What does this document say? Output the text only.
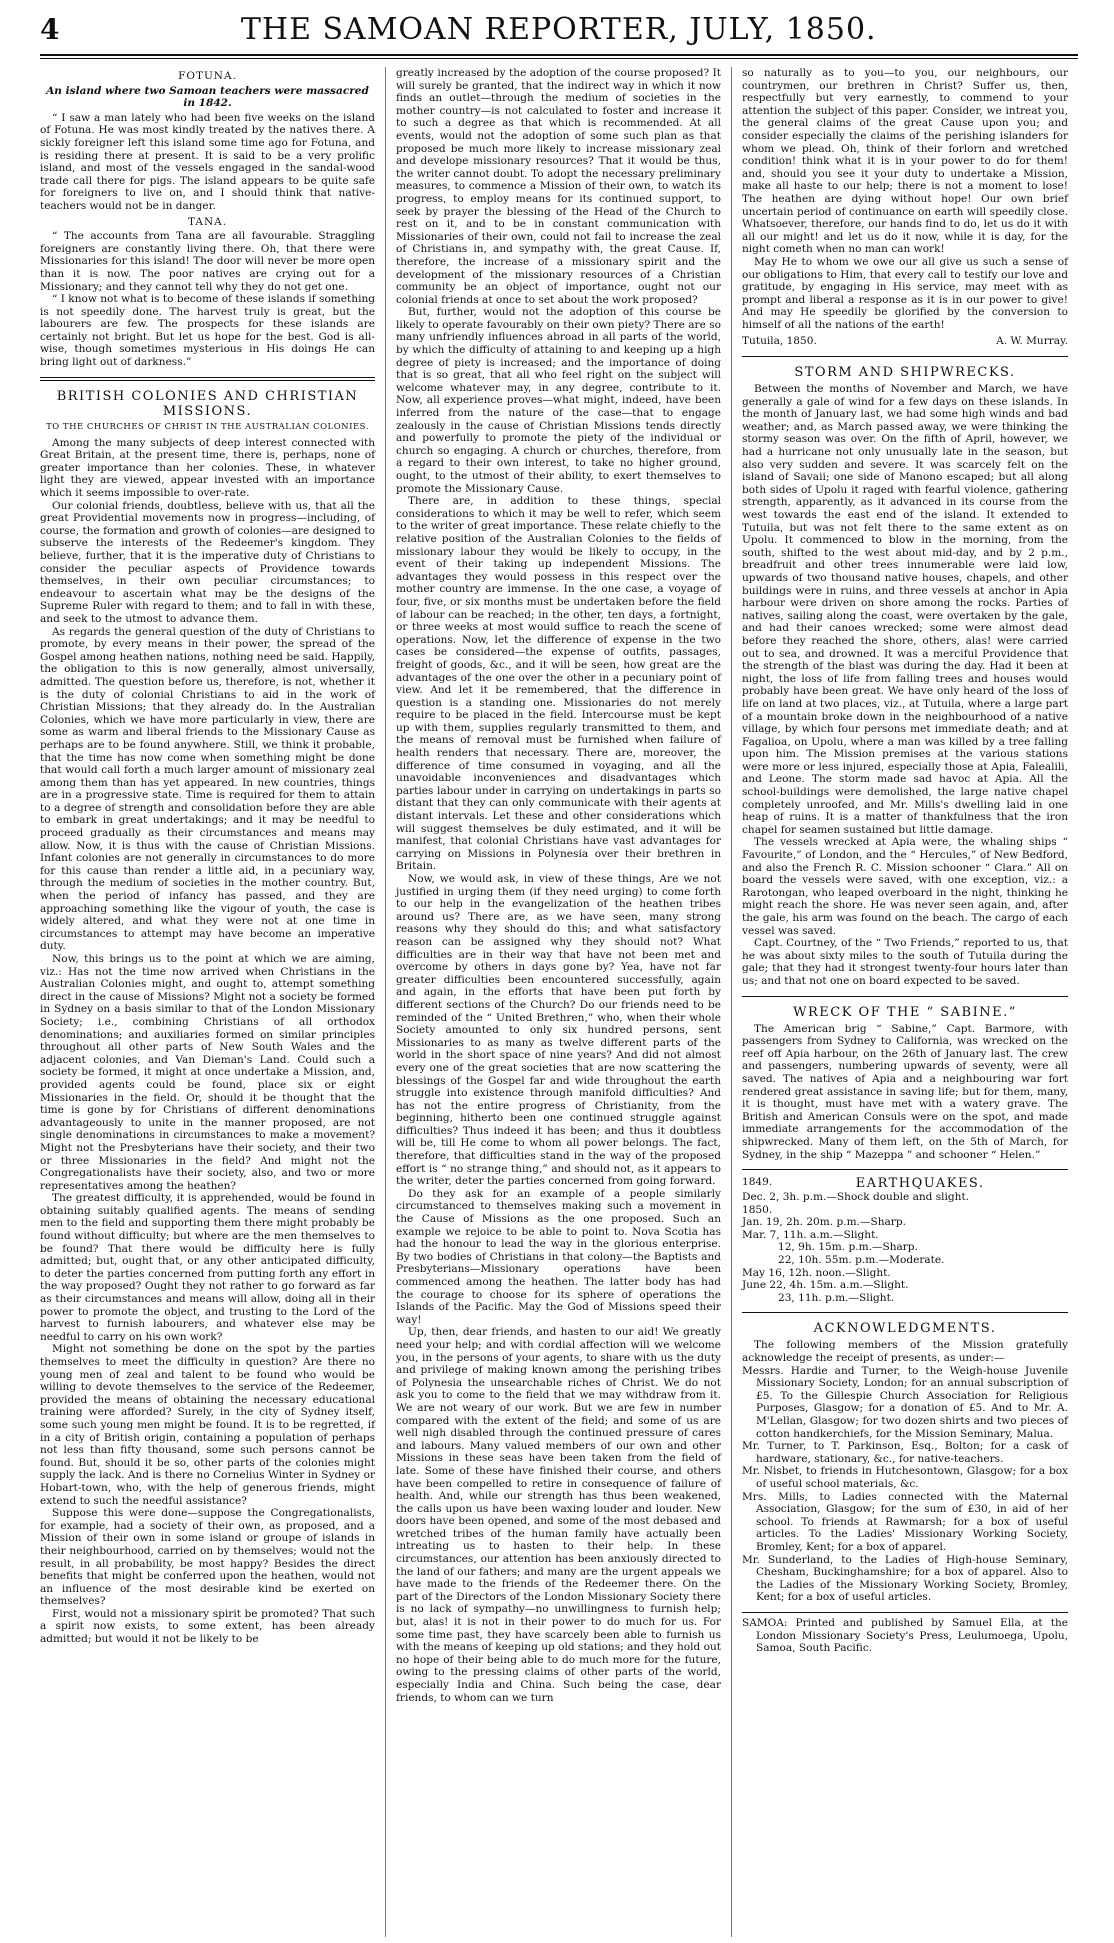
4	THE SAMOAN REPORTER, JULY, 1850.
FOTUNA.
An island where two Samoan teachers were massacred in 1842.

“ I saw a man lately who had been five weeks on the island of Fotuna. He was most kindly treated by the natives there. A sickly foreigner left this island some time ago for Fotuna, and is residing there at present. It is said to be a very prolific island, and most of the vessels engaged in the sandal-wood trade call there for pigs. The island appears to be quite safe for foreigners to live on, and I should think that native-teachers would not be in danger.

TANA.

“ The accounts from Tana are all favourable. Straggling foreigners are constantly living there. Oh, that there were Missionaries for this island! The door will never be more open than it is now. The poor natives are crying out for a Missionary; and they cannot tell why they do not get one.

“ I know not what is to become of these islands if something is not speedily done. The harvest truly is great, but the labourers are few. The prospects for these islands are certainly not bright. But let us hope for the best. God is all-wise, though sometimes mysterious in His doings He can bring light out of darkness.”

BRITISH COLONIES AND CHRISTIAN MISSIONS.
TO THE CHURCHES OF CHRIST IN THE AUSTRALIAN COLONIES.

Among the many subjects of deep interest connected with Great Britain, at the present time, there is, perhaps, none of greater importance than her colonies. These, in whatever light they are viewed, appear invested with an importance which it seems impossible to over-rate.

Our colonial friends, doubtless, believe with us, that all the great Providential movements now in progress—including, of course, the formation and growth of colonies—are designed to subserve the interests of the Redeemer's kingdom. They believe, further, that it is the imperative duty of Christians to consider the peculiar aspects of Providence towards themselves, in their own peculiar circumstances; to endeavour to ascertain what may be the designs of the Supreme Ruler with regard to them; and to fall in with these, and seek to the utmost to advance them.

As regards the general question of the duty of Christians to promote, by every means in their power, the spread of the Gospel among heathen nations, nothing need be said. Happily, the obligation to this is now generally, almost universally, admitted. The question before us, therefore, is not, whether it is the duty of colonial Christians to aid in the work of Christian Missions; that they already do. In the Australian Colonies, which we have more particularly in view, there are some as warm and liberal friends to the Missionary Cause as perhaps are to be found anywhere. Still, we think it probable, that the time has now come when something might be done that would call forth a much larger amount of missionary zeal among them than has yet appeared. In new countries, things are in a progressive state. Time is required for them to attain to a degree of strength and consolidation before they are able to embark in great undertakings; and it may be needful to proceed gradually as their circumstances and means may allow. Now, it is thus with the cause of Christian Missions. Infant colonies are not generally in circumstances to do more for this cause than render a little aid, in a pecuniary way, through the medium of societies in the mother country. But, when the period of infancy has passed, and they are approaching something like the vigour of youth, the case is widely altered, and what they were not at one time in circumstances to attempt may have become an imperative duty.

Now, this brings us to the point at which we are aiming, viz.: Has not the time now arrived when Christians in the Australian Colonies might, and ought to, attempt something direct in the cause of Missions? Might not a society be formed in Sydney on a basis similar to that of the London Missionary Society; i.e., combining Christians of all orthodox denominations; and auxiliaries formed on similar principles throughout all other parts of New South Wales and the adjacent colonies, and Van Dieman's Land. Could such a society be formed, it might at once undertake a Mission, and, provided agents could be found, place six or eight Missionaries in the field. Or, should it be thought that the time is gone by for Christians of different denominations advantageously to unite in the manner proposed, are not single denominations in circumstances to make a movement? Might not the Presbyterians have their society, and their two or three Missionaries in the field? And might not the Congregationalists have their society, also, and two or more representatives among the heathen?

The greatest difficulty, it is apprehended, would be found in obtaining suitably qualified agents. The means of sending men to the field and supporting them there might probably be found without difficulty; but where are the men themselves to be found? That there would be difficulty here is fully admitted; but, ought that, or any other anticipated difficulty, to deter the parties concerned from putting forth any effort in the way proposed? Ought they not rather to go forward as far as their circumstances and means will allow, doing all in their power to promote the object, and trusting to the Lord of the harvest to furnish labourers, and whatever else may be needful to carry on his own work?

Might not something be done on the spot by the parties themselves to meet the difficulty in question? Are there no young men of zeal and talent to be found who would be willing to devote themselves to the service of the Redeemer, provided the means of obtaining the necessary educational training were afforded? Surely, in the city of Sydney itself, some such young men might be found. It is to be regretted, if in a city of British origin, containing a population of perhaps not less than fifty thousand, some such persons cannot be found. But, should it be so, other parts of the colonies might supply the lack. And is there no Cornelius Winter in Sydney or Hobart-town, who, with the help of generous friends, might extend to such the needful assistance?

Suppose this were done—suppose the Congregationalists, for example, had a society of their own, as proposed, and a Mission of their own in some island or groupe of islands in their neighbourhood, carried on by themselves; would not the result, in all probability, be most happy? Besides the direct benefits that might be conferred upon the heathen, would not an influence of the most desirable kind be exerted on themselves?

First, would not a missionary spirit be promoted? That such a spirit now exists, to some extent, has been already admitted; but would it not be likely to be

greatly increased by the adoption of the course proposed? It will surely be granted, that the indirect way in which it now finds an outlet—through the medium of societies in the mother country—is not calculated to foster and increase it to such a degree as that which is recommended. At all events, would not the adoption of some such plan as that proposed be much more likely to increase missionary zeal and develope missionary resources? That it would be thus, the writer cannot doubt. To adopt the necessary preliminary measures, to commence a Mission of their own, to watch its progress, to employ means for its continued support, to seek by prayer the blessing of the Head of the Church to rest on it, and to be in constant communication with Missionaries of their own, could not fail to increase the zeal of Christians in, and sympathy with, the great Cause. If, therefore, the increase of a missionary spirit and the development of the missionary resources of a Christian community be an object of importance, ought not our colonial friends at once to set about the work proposed?

But, further, would not the adoption of this course be likely to operate favourably on their own piety? There are so many unfriendly influences abroad in all parts of the world, by which the difficulty of attaining to and keeping up a high degree of piety is increased; and the importance of doing that is so great, that all who feel right on the subject will welcome whatever may, in any degree, contribute to it. Now, all experience proves—what might, indeed, have been inferred from the nature of the case—that to engage zealously in the cause of Christian Missions tends directly and powerfully to promote the piety of the individual or church so engaging. A church or churches, therefore, from a regard to their own interest, to take no higher ground, ought, to the utmost of their ability, to exert themselves to promote the Missionary Cause.

There are, in addition to these things, special considerations to which it may be well to refer, which seem to the writer of great importance. These relate chiefly to the relative position of the Australian Colonies to the fields of missionary labour they would be likely to occupy, in the event of their taking up independent Missions. The advantages they would possess in this respect over the mother country are immense. In the one case, a voyage of four, five, or six months must be undertaken before the field of labour can be reached; in the other, ten days, a fortnight, or three weeks at most would suffice to reach the scene of operations. Now, let the difference of expense in the two cases be considered—the expense of outfits, passages, freight of goods, &c., and it will be seen, how great are the advantages of the one over the other in a pecuniary point of view. And let it be remembered, that the difference in question is a standing one. Missionaries do not merely require to be placed in the field. Intercourse must be kept up with them, supplies regularly transmitted to them, and the means of removal must be furnished when failure of health renders that necessary. There are, moreover, the difference of time consumed in voyaging, and all the unavoidable inconveniences and disadvantages which parties labour under in carrying on undertakings in parts so distant that they can only communicate with their agents at distant intervals. Let these and other considerations which will suggest themselves be duly estimated, and it will be manifest, that colonial Christians have vast advantages for carrying on Missions in Polynesia over their brethren in Britain.

Now, we would ask, in view of these things, Are we not justified in urging them (if they need urging) to come forth to our help in the evangelization of the heathen tribes around us? There are, as we have seen, many strong reasons why they should do this; and what satisfactory reason can be assigned why they should not? What difficulties are in their way that have not been met and overcome by others in days gone by? Yea, have not far greater difficulties been encountered successfully, again and again, in the efforts that have been put forth by different sections of the Church? Do our friends need to be reminded of the “ United Brethren,” who, when their whole Society amounted to only six hundred persons, sent Missionaries to as many as twelve different parts of the world in the short space of nine years? And did not almost every one of the great societies that are now scattering the blessings of the Gospel far and wide throughout the earth struggle into existence through manifold difficulties? And has not the entire progress of Christianity, from the beginning, hitherto been one continued struggle against difficulties? Thus indeed it has been; and thus it doubtless will be, till He come to whom all power belongs. The fact, therefore, that difficulties stand in the way of the proposed effort is “ no strange thing,” and should not, as it appears to the writer, deter the parties concerned from going forward.

Do they ask for an example of a people similarly circumstanced to themselves making such a movement in the Cause of Missions as the one proposed. Such an example we rejoice to be able to point to. Nova Scotia has had the honour to lead the way in the glorious enterprise. By two bodies of Christians in that colony—the Baptists and Presbyterians—Missionary operations have been commenced among the heathen. The latter body has had the courage to choose for its sphere of operations the Islands of the Pacific. May the God of Missions speed their way!

Up, then, dear friends, and hasten to our aid! We greatly need your help; and with cordial affection will we welcome you, in the persons of your agents, to share with us the duty and privilege of making known among the perishing tribes of Polynesia the unsearchable riches of Christ. We do not ask you to come to the field that we may withdraw from it. We are not weary of our work. But we are few in number compared with the extent of the field; and some of us are well nigh disabled through the continued pressure of cares and labours. Many valued members of our own and other Missions in these seas have been taken from the field of late. Some of these have finished their course, and others have been compelled to retire in consequence of failure of health. And, while our strength has thus been weakened, the calls upon us have been waxing louder and louder. New doors have been opened, and some of the most debased and wretched tribes of the human family have actually been intreating us to hasten to their help. In these circumstances, our attention has been anxiously directed to the land of our fathers; and many are the urgent appeals we have made to the friends of the Redeemer there. On the part of the Directors of the London Missionary Society there is no lack of sympathy—no unwillingness to furnish help; but, alas! it is not in their power to do much for us. For some time past, they have scarcely been able to furnish us with the means of keeping up old stations; and they hold out no hope of their being able to do much more for the future, owing to the pressing claims of other parts of the world, especially India and China. Such being the case, dear friends, to whom can we turn

so naturally as to you—to you, our neighbours, our countrymen, our brethren in Christ? Suffer us, then, respectfully but very earnestly, to commend to your attention the subject of this paper. Consider, we intreat you, the general claims of the great Cause upon you; and consider especially the claims of the perishing islanders for whom we plead. Oh, think of their forlorn and wretched condition! think what it is in your power to do for them! and, should you see it your duty to undertake a Mission, make all haste to our help; there is not a moment to lose! The heathen are dying without hope! Our own brief uncertain period of continuance on earth will speedily close. Whatsoever, therefore, our hands find to do, let us do it with all our might! and let us do it now, while it is day, for the night cometh when no man can work!

May He to whom we owe our all give us such a sense of our obligations to Him, that every call to testify our love and gratitude, by engaging in His service, may meet with as prompt and liberal a response as it is in our power to give! And may He speedily be glorified by the conversion to himself of all the nations of the earth!

Tutuila, 1850.	A. W. Murray.
STORM AND SHIPWRECKS.

Between the months of November and March, we have generally a gale of wind for a few days on these islands. In the month of January last, we had some high winds and bad weather; and, as March passed away, we were thinking the stormy season was over. On the fifth of April, however, we had a hurricane not only unusually late in the season, but also very sudden and severe. It was scarcely felt on the island of Savaii; one side of Manono escaped; but all along both sides of Upolu it raged with fearful violence, gathering strength, apparently, as it advanced in its course from the west towards the east end of the island. It extended to Tutuila, but was not felt there to the same extent as on Upolu. It commenced to blow in the morning, from the south, shifted to the west about mid-day, and by 2 p.m., breadfruit and other trees innumerable were laid low, upwards of two thousand native houses, chapels, and other buildings were in ruins, and three vessels at anchor in Apia harbour were driven on shore among the rocks. Parties of natives, sailing along the coast, were overtaken by the gale, and had their canoes wrecked; some were almost dead before they reached the shore, others, alas! were carried out to sea, and drowned. It was a merciful Providence that the strength of the blast was during the day. Had it been at night, the loss of life from falling trees and houses would probably have been great. We have only heard of the loss of life on land at two places, viz., at Tutuila, where a large part of a mountain broke down in the neighbourhood of a native village, by which four persons met immediate death; and at Fagalioa, on Upolu, where a man was killed by a tree falling upon him. The Mission premises at the various stations were more or less injured, especially those at Apia, Falealili, and Leone. The storm made sad havoc at Apia. All the school-buildings were demolished, the large native chapel completely unroofed, and Mr. Mills's dwelling laid in one heap of ruins. It is a matter of thankfulness that the iron chapel for seamen sustained but little damage.

The vessels wrecked at Apia were, the whaling ships “ Favourite,” of London, and the “ Hercules,” of New Bedford, and also the French R. C. Mission schooner “ Clara.” All on board the vessels were saved, with one exception, viz.: a Rarotongan, who leaped overboard in the night, thinking he might reach the shore. He was never seen again, and, after the gale, his arm was found on the beach. The cargo of each vessel was saved.

Capt. Courtney, of the “ Two Friends,” reported to us, that he was about sixty miles to the south of Tutuila during the gale; that they had it strongest twenty-four hours later than us; and that not one on board expected to be saved.

WRECK OF THE “ SABINE.”

The American brig “ Sabine,” Capt. Barmore, with passengers from Sydney to California, was wrecked on the reef off Apia harbour, on the 26th of January last. The crew and passengers, numbering upwards of seventy, were all saved. The natives of Apia and a neighbouring war fort rendered great assistance in saving life; but for them, many, it is thought, must have met with a watery grave. The British and American Consuls were on the spot, and made immediate arrangements for the accommodation of the shipwrecked. Many of them left, on the 5th of March, for Sydney, in the ship “ Mazeppa ” and schooner “ Helen.”

1849.	EARTHQUAKES.

Dec. 2, 3h. p.m.—Shock double and slight.

1850.

Jan. 19, 2h. 20m. p.m.—Sharp.

Mar. 7, 11h. a.m.—Slight.

12, 9h. 15m. p.m.—Sharp.

22, 10h. 55m. p.m.—Moderate.

May 16, 12h. noon.—Slight.

June 22, 4h. 15m. a.m.—Slight.

23, 11h. p.m.—Slight.

ACKNOWLEDGMENTS.

The following members of the Mission gratefully acknowledge the receipt of presents, as under:—

Messrs. Hardie and Turner, to the Weigh-house Juvenile Missionary Society, London; for an annual subscription of £5. To the Gillespie Church Association for Religious Purposes, Glasgow; for a donation of £5. And to Mr. A. M'Lellan, Glasgow; for two dozen shirts and two pieces of cotton handkerchiefs, for the Mission Seminary, Malua.

Mr. Turner, to T. Parkinson, Esq., Bolton; for a cask of hardware, stationary, &c., for native-teachers.

Mr. Nisbet, to friends in Hutchesontown, Glasgow; for a box of useful school materials, &c.

Mrs. Mills, to Ladies connected with the Maternal Association, Glasgow; for the sum of £30, in aid of her school. To friends at Rawmarsh; for a box of useful articles. To the Ladies' Missionary Working Society, Bromley, Kent; for a box of apparel.

Mr. Sunderland, to the Ladies of High-house Seminary, Chesham, Buckinghamshire; for a box of apparel. Also to the Ladies of the Missionary Working Society, Bromley, Kent; for a box of useful articles.

SAMOA: Printed and published by Samuel Ella, at the London Missionary Society's Press, Leulumoega, Upolu, Samoa, South Pacific.
